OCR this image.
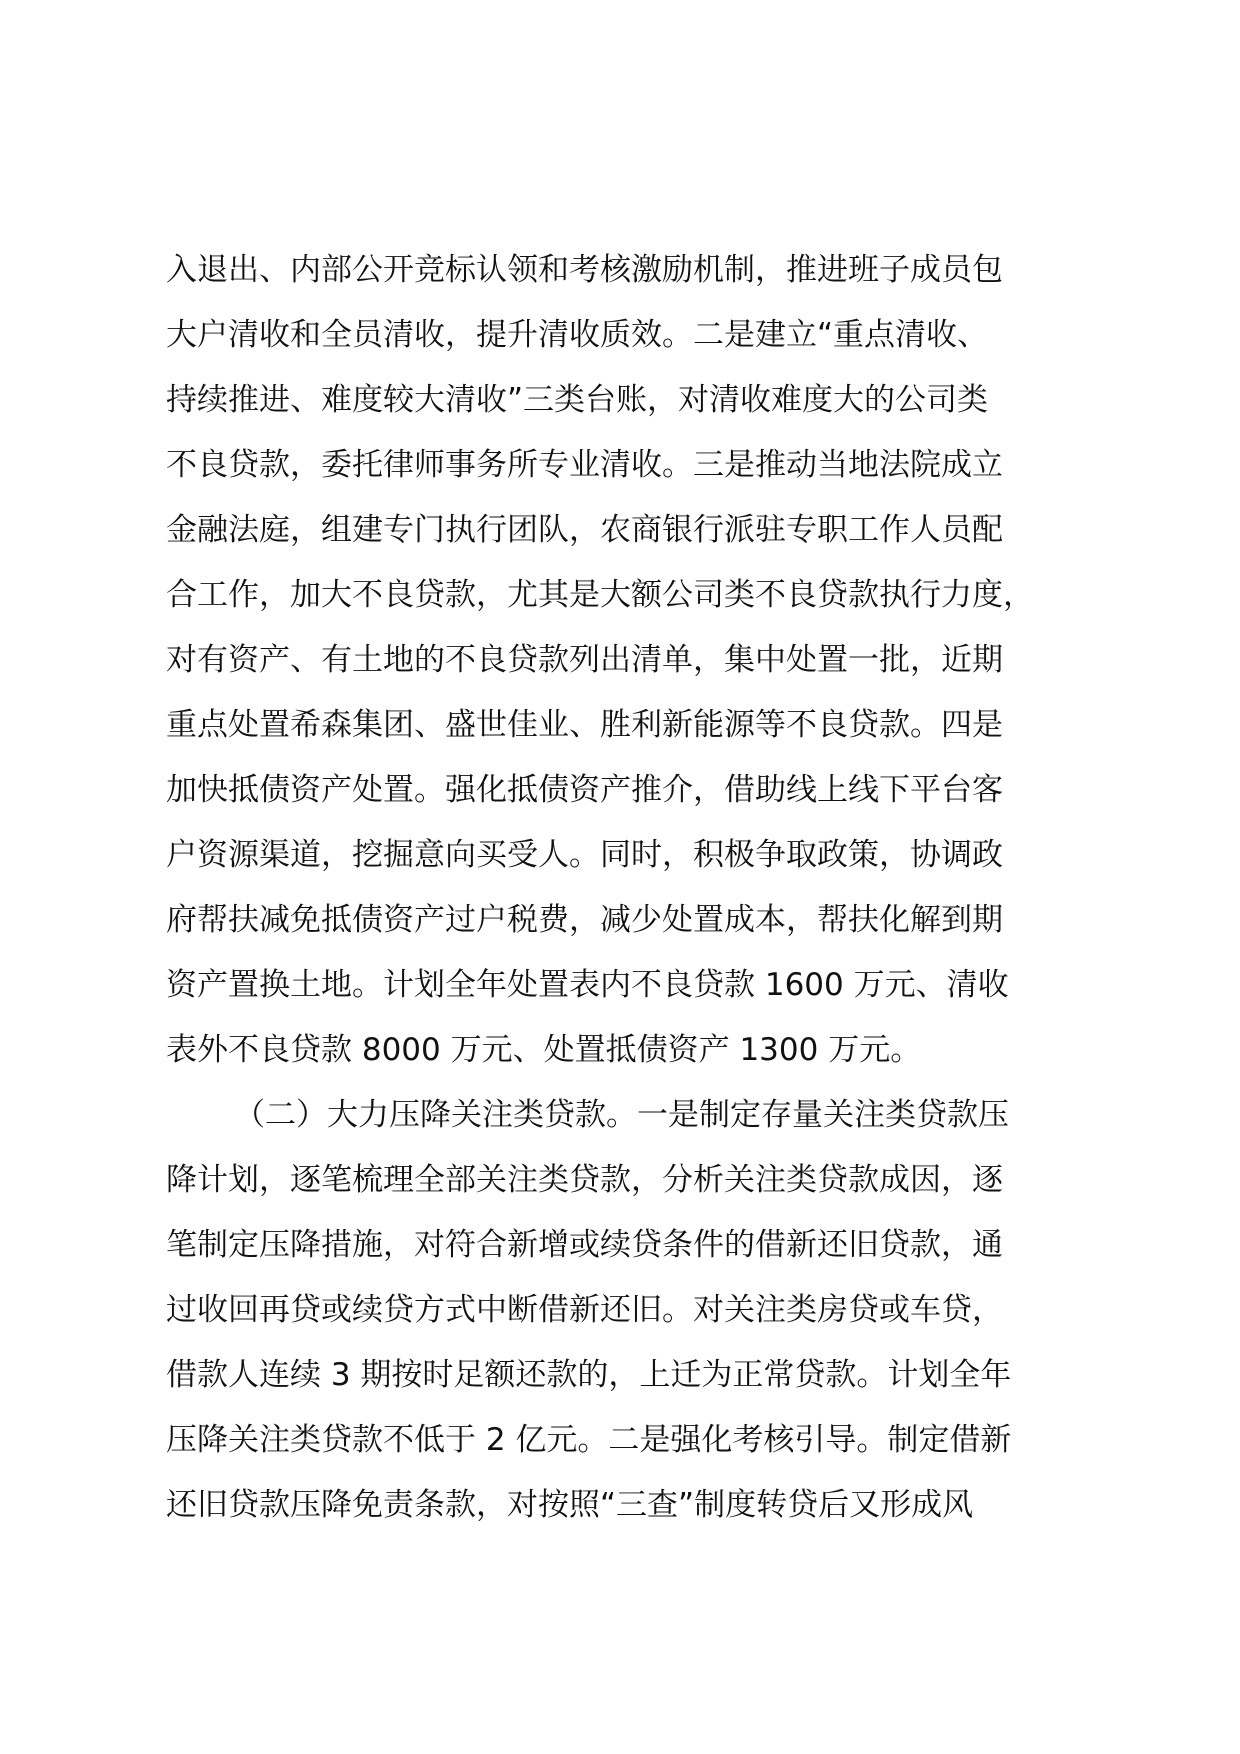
入退出、内部公开竞标认领和考核激励机制，推进班子成员包
大户清收和全员清收，提升清收质效。二是建立“重点清收、
持续推进、难度较大清收”三类台账，对清收难度大的公司类
不良贷款，委托律师事务所专业清收。三是推动当地法院成立
金融法庭，组建专门执行团队，农商银行派驻专职工作人员配
合工作，加大不良贷款，尤其是大额公司类不良贷款执行力度，
对有资产、有土地的不良贷款列出清单，集中处置一批，近期
重点处置希森集团、盛世佳业、胜利新能源等不良贷款。四是
加快抵债资产处置。强化抵债资产推介，借助线上线下平台客
户资源渠道，挖掘意向买受人。同时，积极争取政策，协调政
府帮扶减免抵债资产过户税费，减少处置成本，帮扶化解到期
资产置换土地。计划全年处置表内不良贷款 1600 万元、清收
表外不良贷款 8000 万元、处置抵债资产 1300 万元。
（二）大力压降关注类贷款。一是制定存量关注类贷款压
降计划，逐笔梳理全部关注类贷款，分析关注类贷款成因，逐
笔制定压降措施，对符合新增或续贷条件的借新还旧贷款，通
过收回再贷或续贷方式中断借新还旧。对关注类房贷或车贷，
借款人连续 3 期按时足额还款的，上迁为正常贷款。计划全年
压降关注类贷款不低于 2 亿元。二是强化考核引导。制定借新
还旧贷款压降免责条款，对按照“三查”制度转贷后又形成风
